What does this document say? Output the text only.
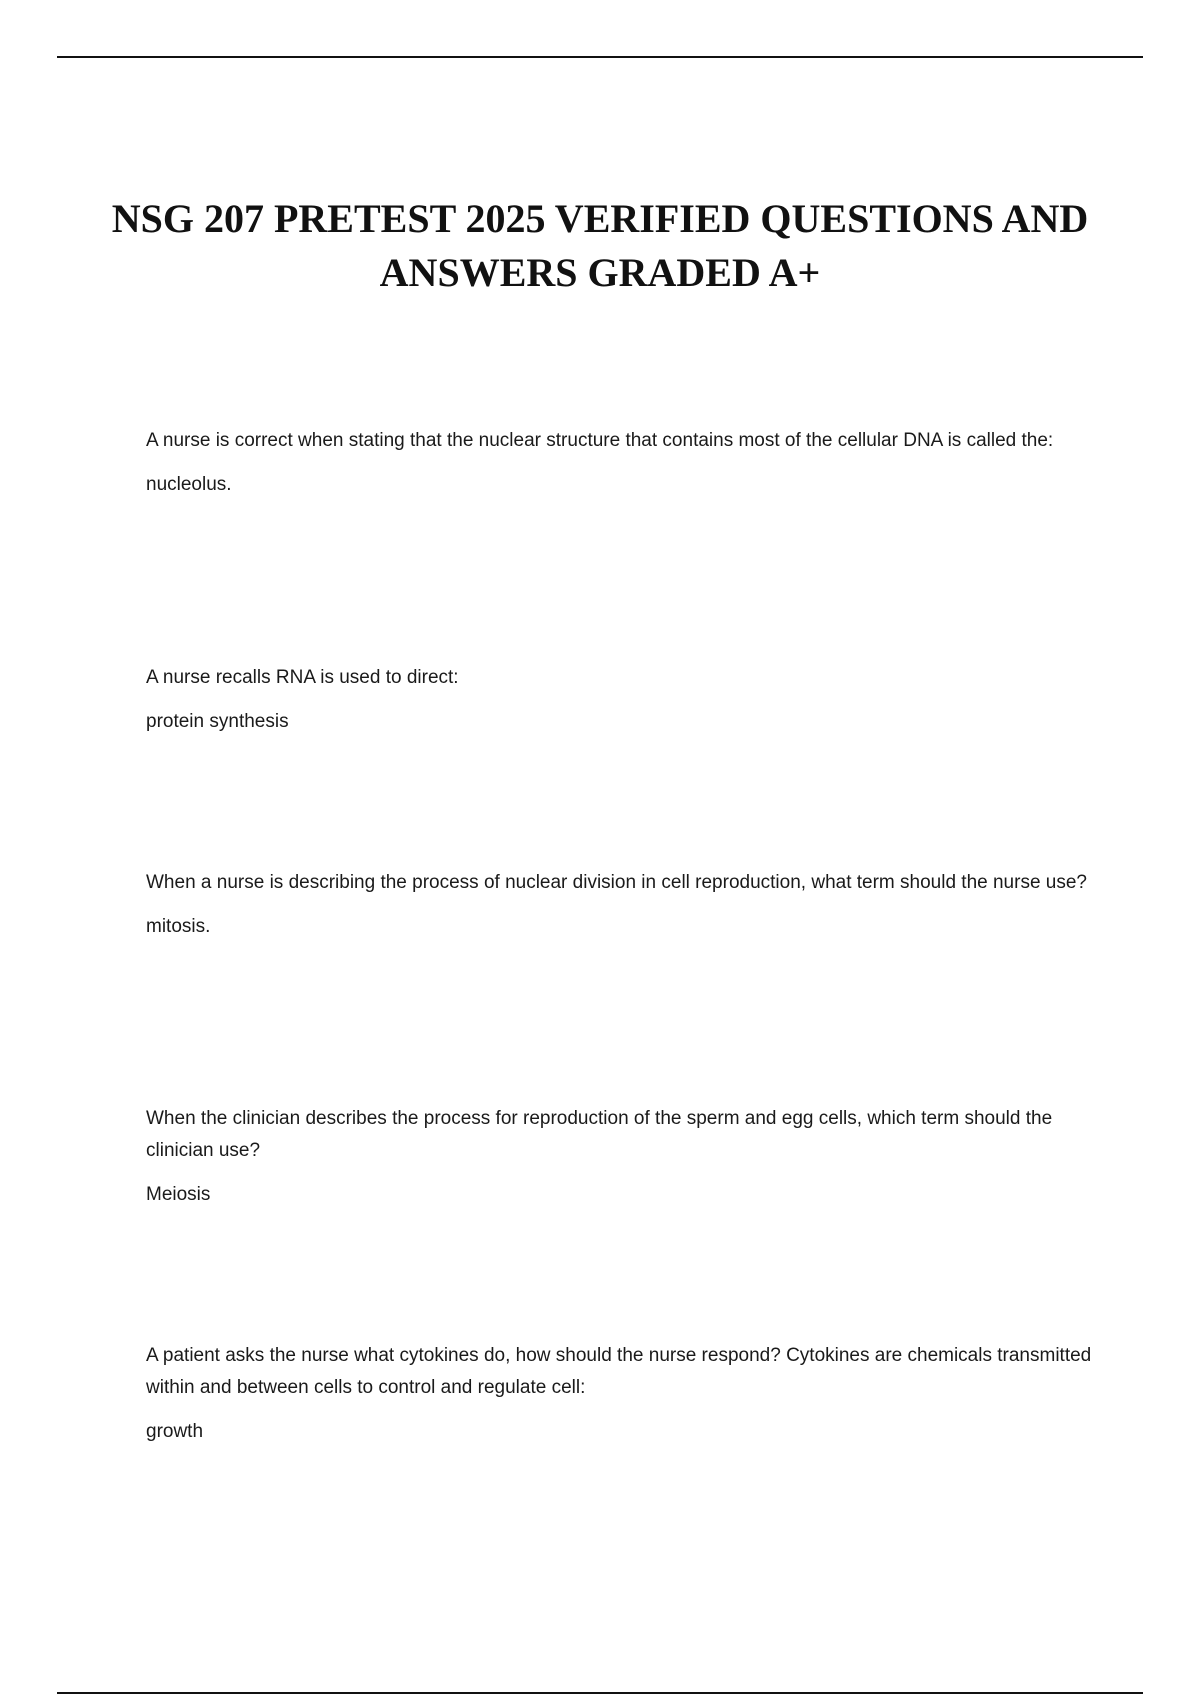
NSG 207 PRETEST 2025 VERIFIED QUESTIONS AND ANSWERS GRADED A+

A nurse is correct when stating that the nuclear structure that contains most of the cellular DNA is called the:

nucleolus.

A nurse recalls RNA is used to direct:

protein synthesis

When a nurse is describing the process of nuclear division in cell reproduction, what term should the nurse use?

mitosis.

When the clinician describes the process for reproduction of the sperm and egg cells, which term should the clinician use?

Meiosis

A patient asks the nurse what cytokines do, how should the nurse respond? Cytokines are chemicals transmitted within and between cells to control and regulate cell:

growth
